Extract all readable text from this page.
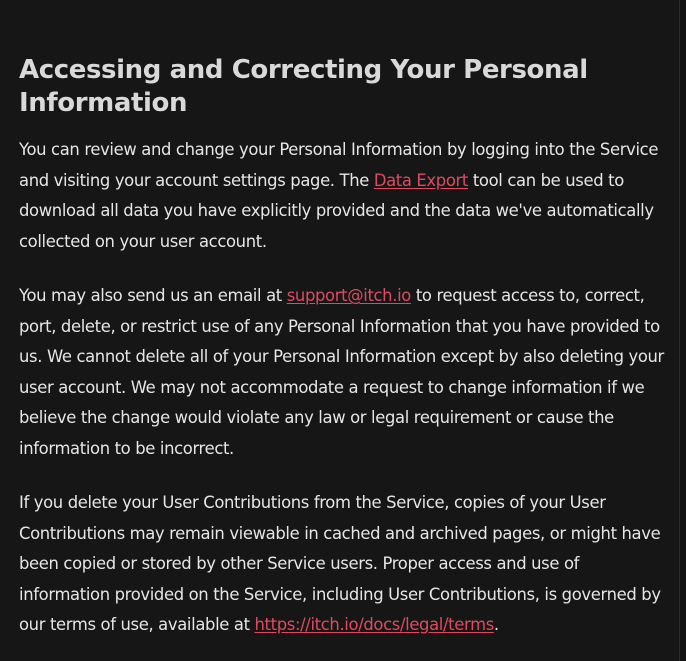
Accessing and Correcting Your Personal Information

You can review and change your Personal Information by logging into the Service and visiting your account settings page. The Data Export tool can be used to download all data you have explicitly provided and the data we've automatically collected on your user account.

You may also send us an email at support@itch.io to request access to, correct, port, delete, or restrict use of any Personal Information that you have provided to us. We cannot delete all of your Personal Information except by also deleting your user account. We may not accommodate a request to change information if we believe the change would violate any law or legal requirement or cause the information to be incorrect.

If you delete your User Contributions from the Service, copies of your User Contributions may remain viewable in cached and archived pages, or might have been copied or stored by other Service users. Proper access and use of information provided on the Service, including User Contributions, is governed by our terms of use, available at https://itch.io/docs/legal/terms.
